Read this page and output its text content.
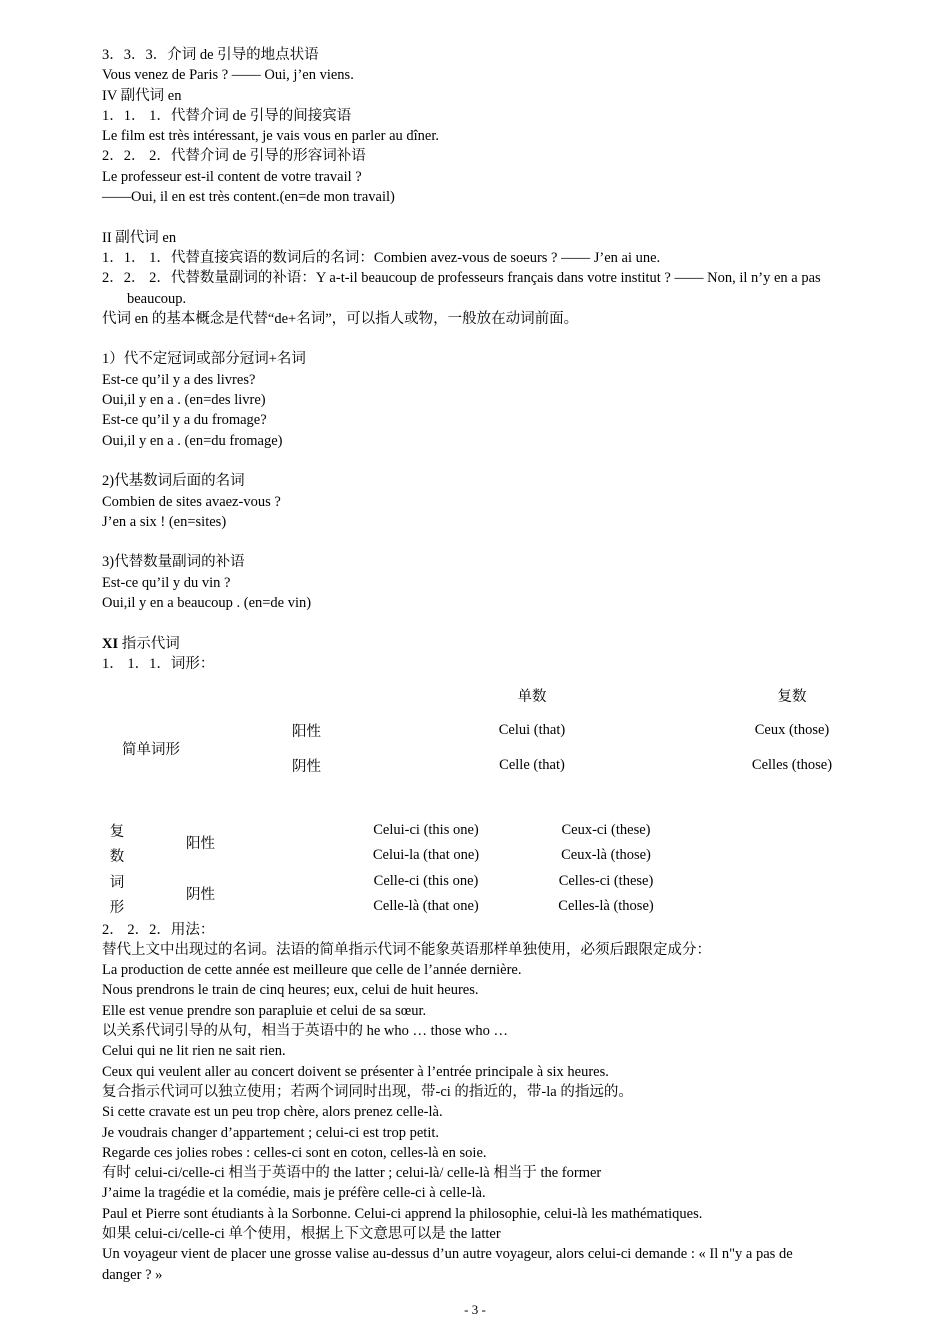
3．3．3．介词 de 引导的地点状语
Vous venez de Paris ? —— Oui, j’en viens.
IV 副代词 en
1．1． 1．代替介词 de 引导的间接宾语
Le film est très intéressant, je vais vous en parler au dîner.
2．2． 2．代替介词 de 引导的形容词补语
Le professeur est-il content de votre travail ?
——Oui, il en est très content.(en=de mon travail)
II 副代词 en
1．1． 1．代替直接宾语的数词后的名词：Combien avez-vous de soeurs ? —— J’en ai une.
2．2． 2．代替数量副词的补语：Y a-t-il beaucoup de professeurs français dans votre institut ? —— Non, il n’y en a pas
beaucoup.
代词 en 的基本概念是代替“de+名词”，可以指人或物，一般放在动词前面。
1）代不定冠词或部分冠词+名词
Est-ce qu’il y a des livres?
Oui,il y en a . (en=des livre)
Est-ce qu’il y a du fromage?
Oui,il y en a . (en=du fromage)
2)代基数词后面的名词
Combien de sites avaez-vous ?
J’en a six ! (en=sites)
3)代替数量副词的补语
Est-ce qu’il y du vin ?
Oui,il y en a beaucoup . (en=de vin)
XI 指示代词
1． 1．1．词形：
		单数	复数
简单词形	阳性	Celui (that)	Ceux (those)
	阴性	Celle (that)	Celles (those)
复	阳性	Celui-ci (this one)	Ceux-ci (these)
数		Celui-la (that one)	Ceux-là (those)
词	阴性	Celle-ci (this one)	Celles-ci (these)
形		Celle-là (that one)	Celles-là (those)
2． 2．2．用法：
替代上文中出现过的名词。法语的简单指示代词不能象英语那样单独使用，必须后跟限定成分：
La production de cette année est meilleure que celle de l’année dernière.
Nous prendrons le train de cinq heures; eux, celui de huit heures.
Elle est venue prendre son parapluie et celui de sa sœur.
以关系代词引导的从句，相当于英语中的 he who … those who …
Celui qui ne lit rien ne sait rien.
Ceux qui veulent aller au concert doivent se présenter à l’entrée principale à six heures.
复合指示代词可以独立使用；若两个词同时出现，带-ci 的指近的，带-la 的指远的。
Si cette cravate est un peu trop chère, alors prenez celle-là.
Je voudrais changer d’appartement ; celui-ci est trop petit.
Regarde ces jolies robes : celles-ci sont en coton, celles-là en soie.
有时 celui-ci/celle-ci 相当于英语中的 the latter ; celui-là/ celle-là 相当于 the former
J’aime la tragédie et la comédie, mais je préfère celle-ci à celle-là.
Paul et Pierre sont étudiants à la Sorbonne. Celui-ci apprend la philosophie, celui-là les mathématiques.
如果 celui-ci/celle-ci 单个使用，根据上下文意思可以是 the latter
Un voyageur vient de placer une grosse valise au-dessus d’un autre voyageur, alors celui-ci demande : « Il n"y a pas de
danger ? »
- 3 -
